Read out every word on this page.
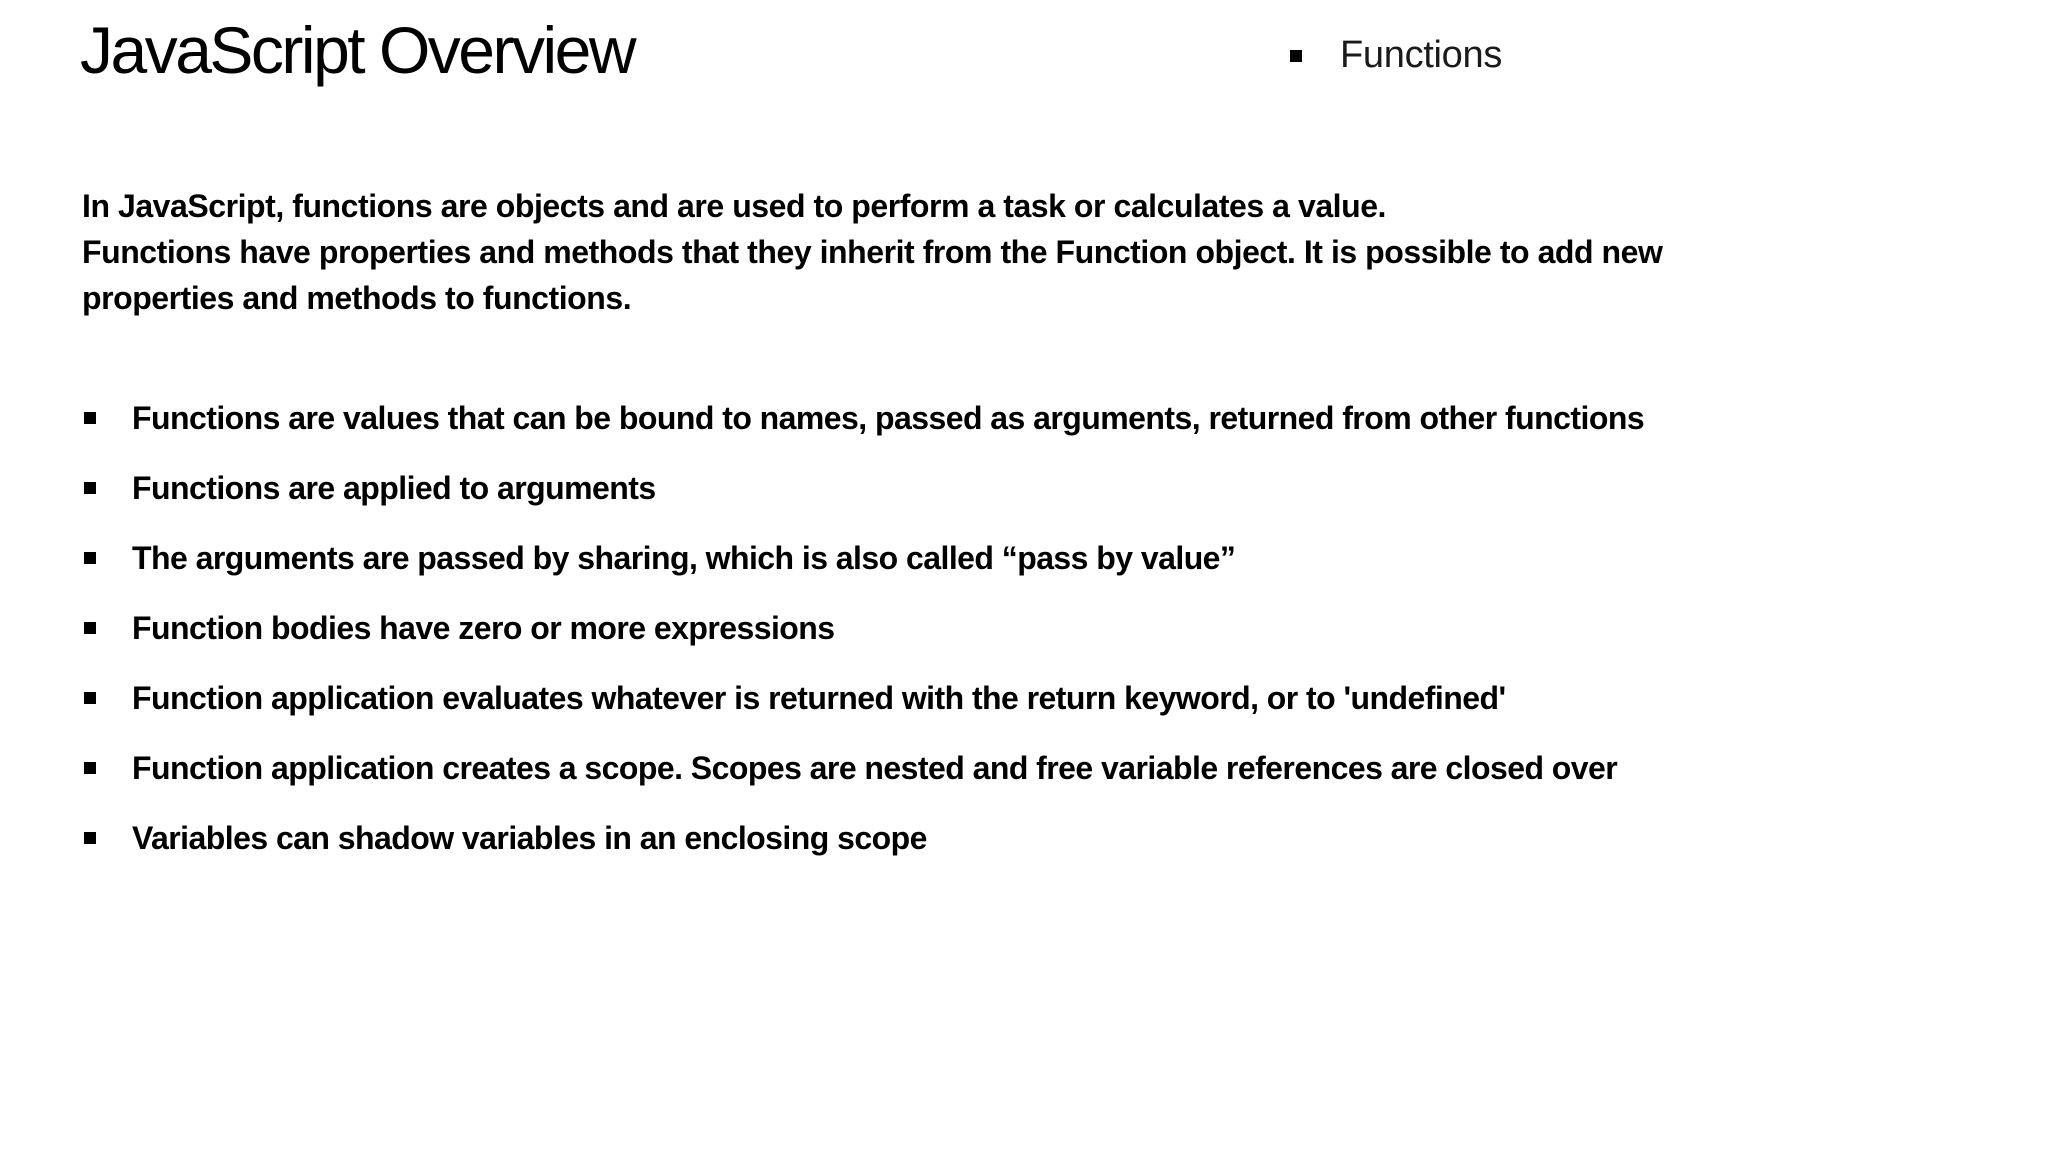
JavaScript Overview	Functions

In JavaScript, functions are objects and are used to perform a task or calculates a value.

Functions have properties and methods that they inherit from the Function object. It is possible to add new

properties and methods to functions.

Functions are values that can be bound to names, passed as arguments, returned from other functions
Functions are applied to arguments
The arguments are passed by sharing, which is also called “pass by value”
Function bodies have zero or more expressions
Function application evaluates whatever is returned with the return keyword, or to 'undefined'
Function application creates a scope. Scopes are nested and free variable references are closed over
Variables can shadow variables in an enclosing scope
